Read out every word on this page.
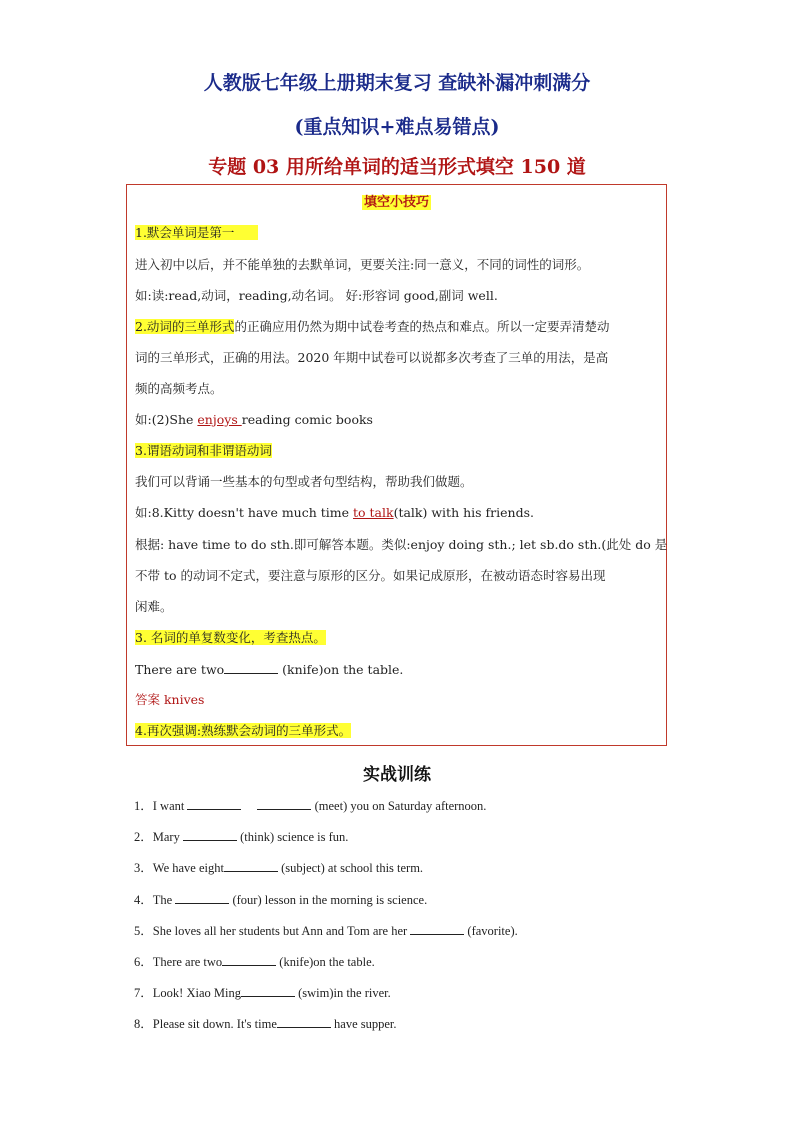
人教版七年级上册期末复习 查缺补漏冲刺满分
(重点知识+难点易错点)
专题 03 用所给单词的适当形式填空 150 道
填空小技巧
1.默会单词是第一
进入初中以后，并不能单独的去默单词，更要关注:同一意义，不同的词性的词形。
如:读:read,动词，reading,动名词。 好:形容词 good,副词 well.
2.动词的三单形式的正确应用仍然为期中试卷考查的热点和难点。所以一定要弄清楚动
词的三单形式，正确的用法。2020 年期中试卷可以说都多次考查了三单的用法，是高
频的高频考点。
如:(2)She enjoys reading comic books
3.谓语动词和非谓语动词
我们可以背诵一些基本的句型或者句型结构，帮助我们做题。
如:8.Kitty doesn't have much time to talk(talk) with his friends.
根据: have time to do sth.即可解答本题。类似:enjoy doing sth.; let sb.do sth.(此处 do 是
不带 to 的动词不定式，要注意与原形的区分。如果记成原形，在被动语态时容易出现
闲难。
3. 名词的单复数变化，考查热点。
There are two	(knife)on the table.
答案 knives
4.再次强调:熟练默会动词的三单形式。
实战训练
1．I want	(meet) you on Saturday afternoon.
2．Mary	(think) science is fun.
3．We have eight	(subject) at school this term.
4．The	(four) lesson in the morning is science.
5．She loves all her students but Ann and Tom are her	(favorite).
6．There are two	(knife)on the table.
7．Look! Xiao Ming	(swim)in the river.
8．Please sit down. It's time	have supper.
